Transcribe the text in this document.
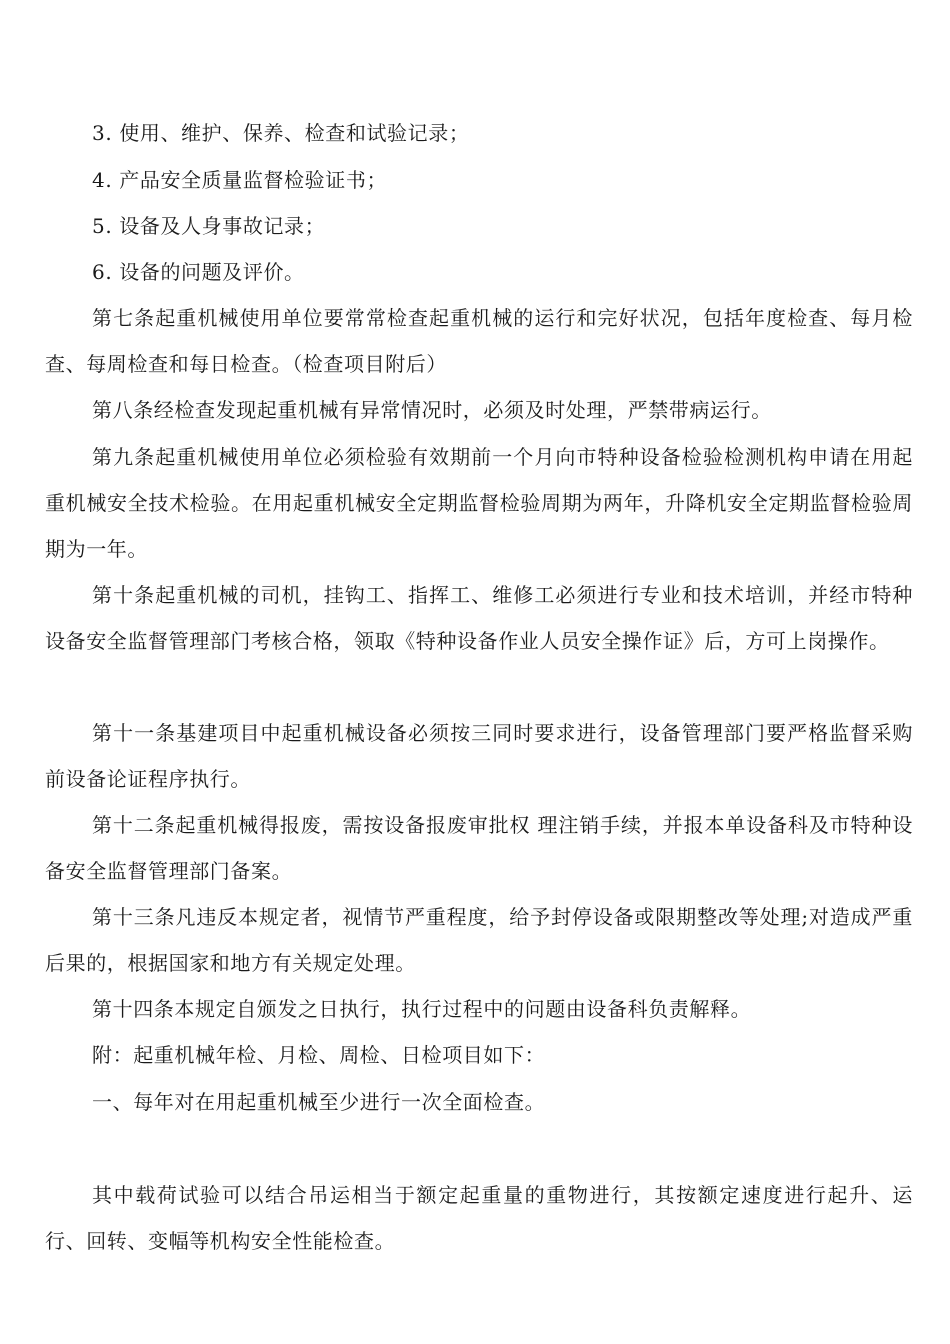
3. 使用、维护、保养、检查和试验记录；

4. 产品安全质量监督检验证书；

5. 设备及人身事故记录；

6. 设备的问题及评价。

第七条起重机械使用单位要常常检查起重机械的运行和完好状况，包括年度检查、每月检查、每周检查和每日检查。（检查项目附后）

第八条经检查发现起重机械有异常情况时，必须及时处理，严禁带病运行。

第九条起重机械使用单位必须检验有效期前一个月向市特种设备检验检测机构申请在用起重机械安全技术检验。在用起重机械安全定期监督检验周期为两年，升降机安全定期监督检验周期为一年。

第十条起重机械的司机，挂钩工、指挥工、维修工必须进行专业和技术培训，并经市特种设备安全监督管理部门考核合格，领取《特种设备作业人员安全操作证》后，方可上岗操作。

第十一条基建项目中起重机械设备必须按三同时要求进行，设备管理部门要严格监督采购前设备论证程序执行。

第十二条起重机械得报废，需按设备报废审批权 理注销手续，并报本单设备科及市特种设备安全监督管理部门备案。

第十三条凡违反本规定者，视情节严重程度，给予封停设备或限期整改等处理;对造成严重后果的，根据国家和地方有关规定处理。

第十四条本规定自颁发之日执行，执行过程中的问题由设备科负责解释。

附：起重机械年检、月检、周检、日检项目如下：

一、每年对在用起重机械至少进行一次全面检查。

其中载荷试验可以结合吊运相当于额定起重量的重物进行，其按额定速度进行起升、运行、回转、变幅等机构安全性能检查。
